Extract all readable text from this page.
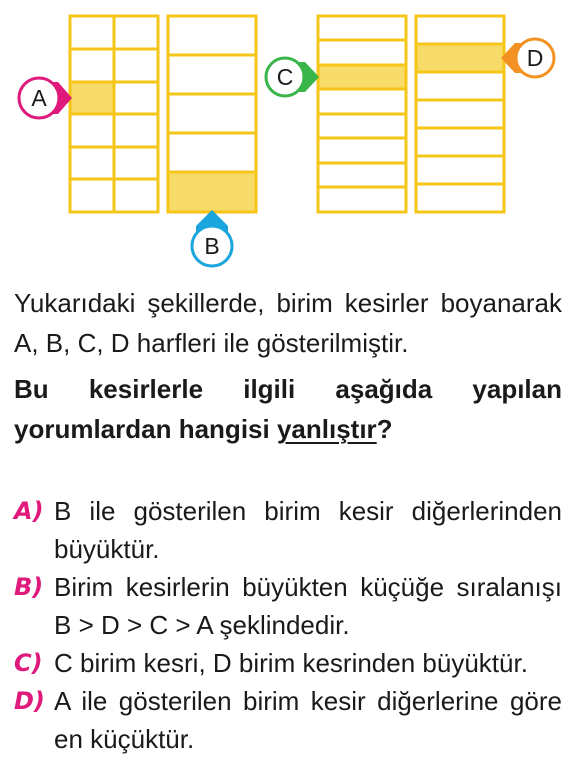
A
B
C
D
Yukarıdaki şekillerde, birim kesirler boyanarak A, B, C, D harfleri ile gösterilmiştir.
Bu kesirlerle ilgili aşağıda yapılan yorumlardan hangisi yanlıştır?
A) B ile gösterilen birim kesir diğerlerinden büyüktür.
B) Birim kesirlerin büyükten küçüğe sıralanışı B > D > C > A şeklindedir.
C) C birim kesri, D birim kesrinden büyüktür.
D) A ile gösterilen birim kesir diğerlerine göre en küçüktür.
